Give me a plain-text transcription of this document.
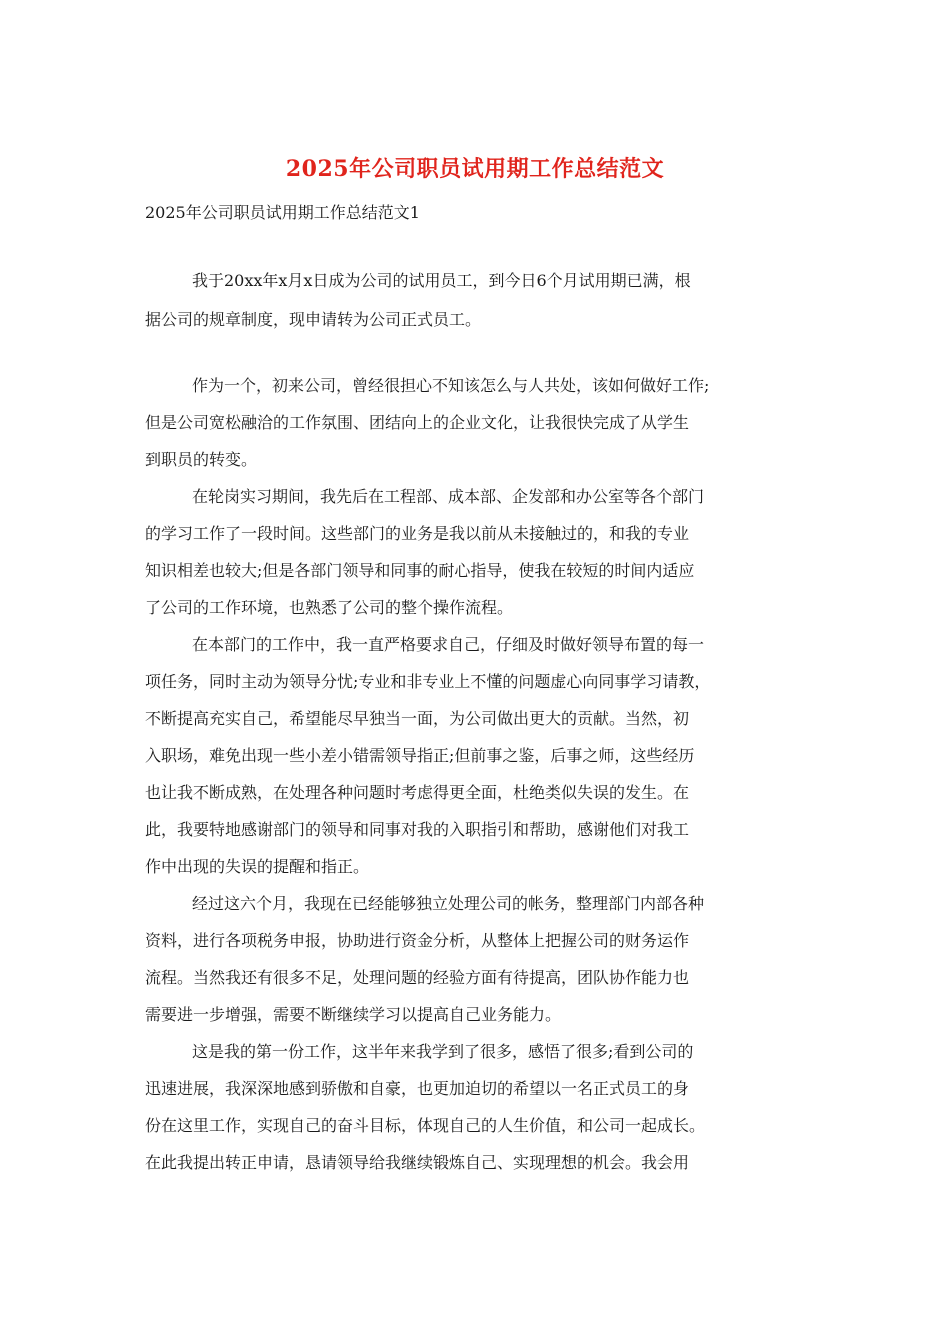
2025年公司职员试用期工作总结范文
2025年公司职员试用期工作总结范文1
我于20xx年x月x日成为公司的试用员工，到今日6个月试用期已满，根
据公司的规章制度，现申请转为公司正式员工。
作为一个，初来公司，曾经很担心不知该怎么与人共处，该如何做好工作;
但是公司宽松融洽的工作氛围、团结向上的企业文化，让我很快完成了从学生
到职员的转变。
在轮岗实习期间，我先后在工程部、成本部、企发部和办公室等各个部门
的学习工作了一段时间。这些部门的业务是我以前从未接触过的，和我的专业
知识相差也较大;但是各部门领导和同事的耐心指导，使我在较短的时间内适应
了公司的工作环境，也熟悉了公司的整个操作流程。
在本部门的工作中，我一直严格要求自己，仔细及时做好领导布置的每一
项任务，同时主动为领导分忧;专业和非专业上不懂的问题虚心向同事学习请教，
不断提高充实自己，希望能尽早独当一面，为公司做出更大的贡献。当然，初
入职场，难免出现一些小差小错需领导指正;但前事之鉴，后事之师，这些经历
也让我不断成熟，在处理各种问题时考虑得更全面，杜绝类似失误的发生。在
此，我要特地感谢部门的领导和同事对我的入职指引和帮助，感谢他们对我工
作中出现的失误的提醒和指正。
经过这六个月，我现在已经能够独立处理公司的帐务，整理部门内部各种
资料，进行各项税务申报，协助进行资金分析，从整体上把握公司的财务运作
流程。当然我还有很多不足，处理问题的经验方面有待提高，团队协作能力也
需要进一步增强，需要不断继续学习以提高自己业务能力。
这是我的第一份工作，这半年来我学到了很多，感悟了很多;看到公司的
迅速进展，我深深地感到骄傲和自豪，也更加迫切的希望以一名正式员工的身
份在这里工作，实现自己的奋斗目标，体现自己的人生价值，和公司一起成长。
在此我提出转正申请，恳请领导给我继续锻炼自己、实现理想的机会。我会用
